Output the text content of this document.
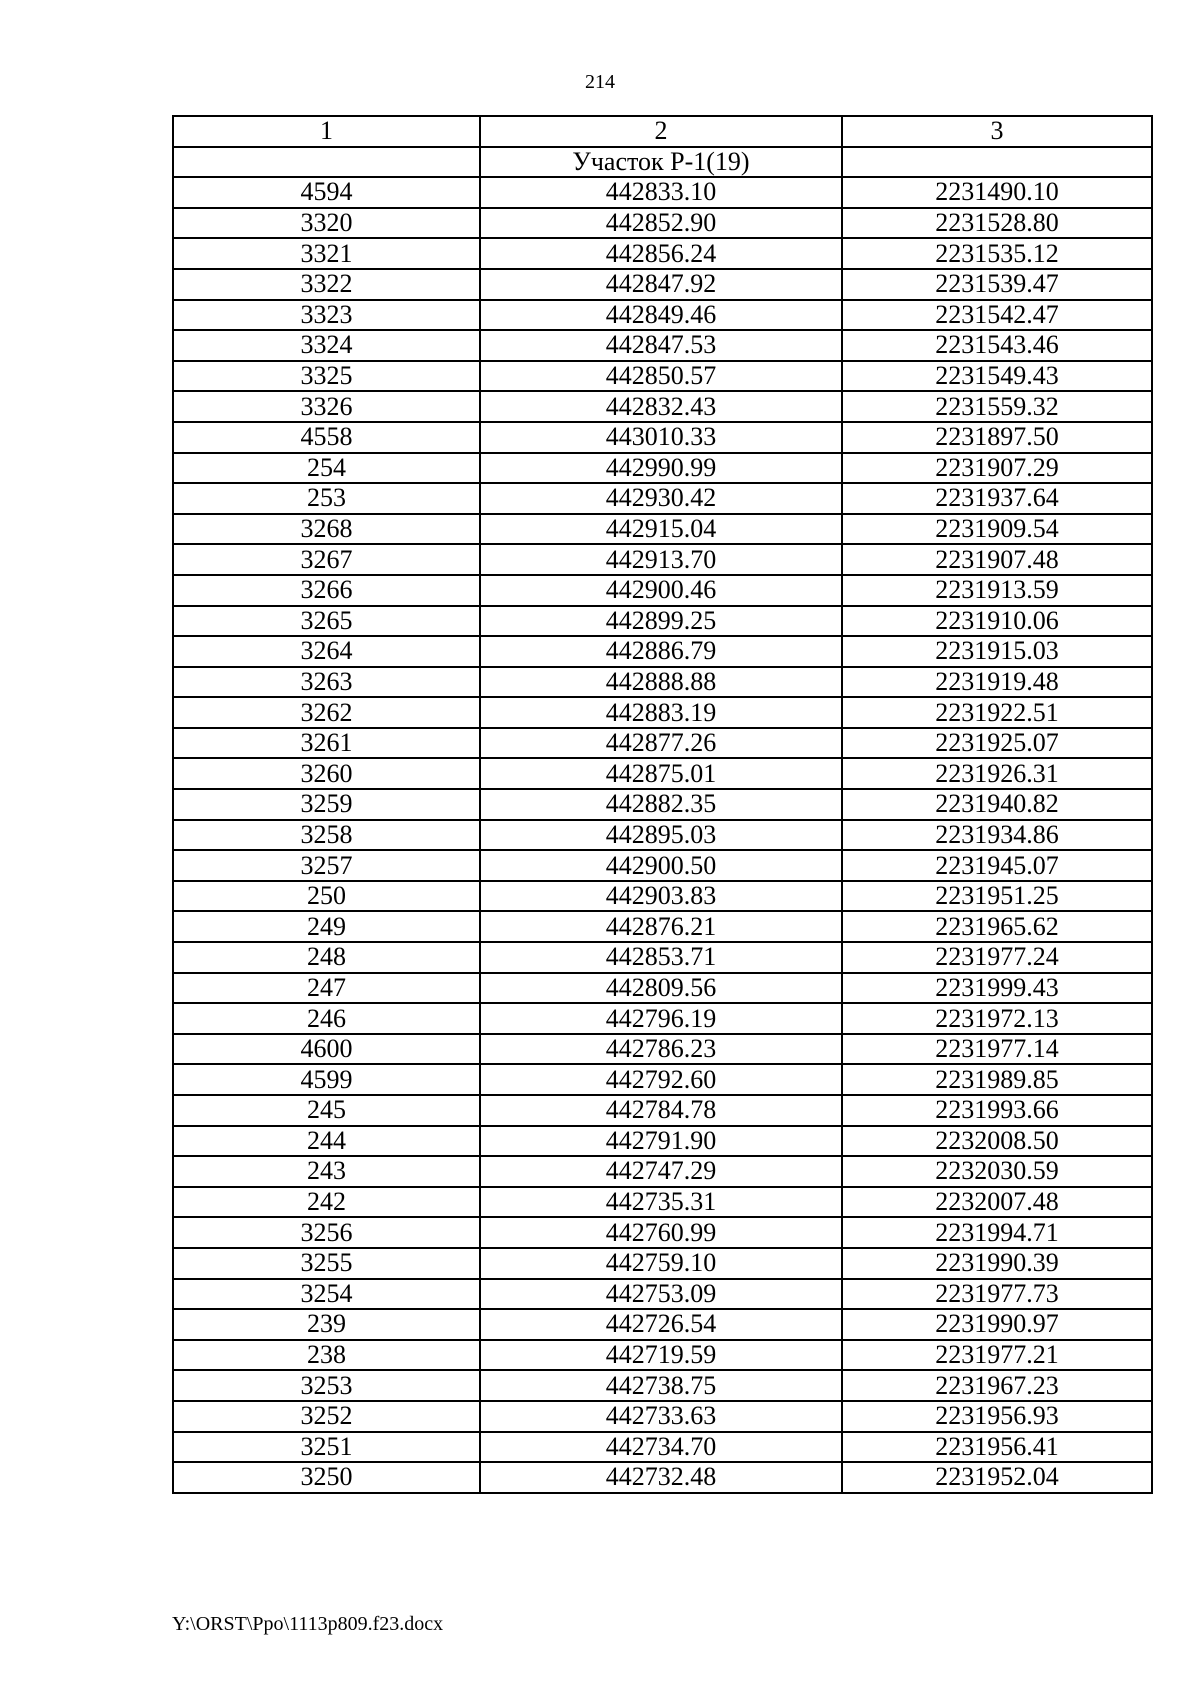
214
1	2	3
	Участок Р-1(19)	
4594	442833.10	2231490.10
3320	442852.90	2231528.80
3321	442856.24	2231535.12
3322	442847.92	2231539.47
3323	442849.46	2231542.47
3324	442847.53	2231543.46
3325	442850.57	2231549.43
3326	442832.43	2231559.32
4558	443010.33	2231897.50
254	442990.99	2231907.29
253	442930.42	2231937.64
3268	442915.04	2231909.54
3267	442913.70	2231907.48
3266	442900.46	2231913.59
3265	442899.25	2231910.06
3264	442886.79	2231915.03
3263	442888.88	2231919.48
3262	442883.19	2231922.51
3261	442877.26	2231925.07
3260	442875.01	2231926.31
3259	442882.35	2231940.82
3258	442895.03	2231934.86
3257	442900.50	2231945.07
250	442903.83	2231951.25
249	442876.21	2231965.62
248	442853.71	2231977.24
247	442809.56	2231999.43
246	442796.19	2231972.13
4600	442786.23	2231977.14
4599	442792.60	2231989.85
245	442784.78	2231993.66
244	442791.90	2232008.50
243	442747.29	2232030.59
242	442735.31	2232007.48
3256	442760.99	2231994.71
3255	442759.10	2231990.39
3254	442753.09	2231977.73
239	442726.54	2231990.97
238	442719.59	2231977.21
3253	442738.75	2231967.23
3252	442733.63	2231956.93
3251	442734.70	2231956.41
3250	442732.48	2231952.04
Y:\ORST\Ppo\1113p809.f23.docx
